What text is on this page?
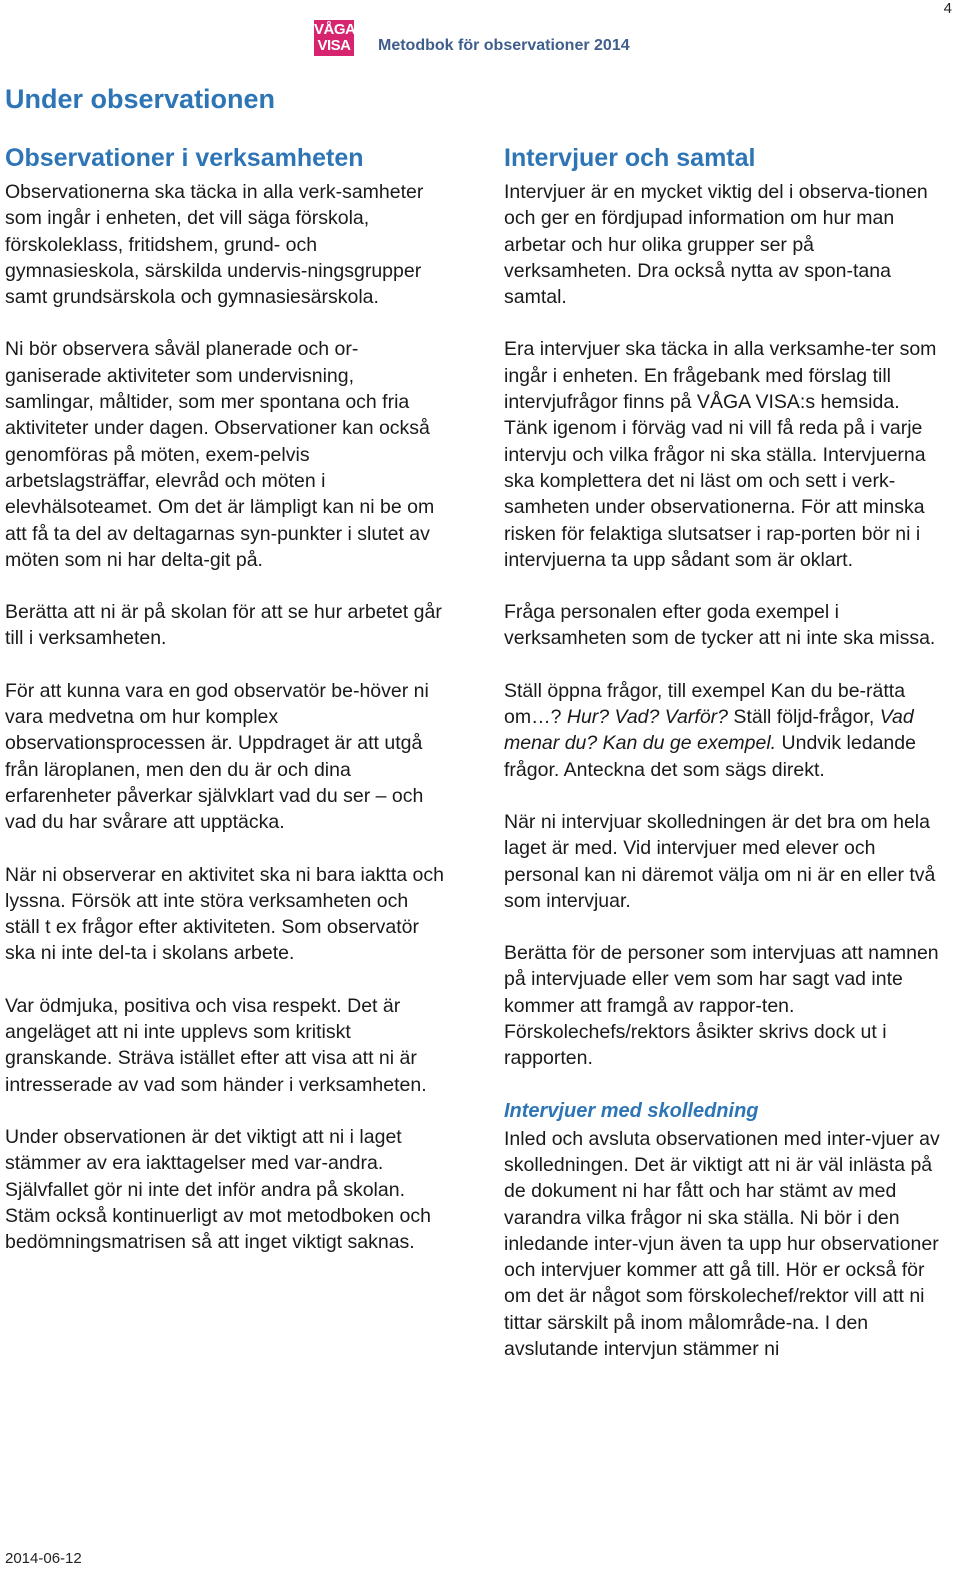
4
VÅGA
VISA Metodbok för observationer 2014
Under observationen
Observationer i verksamheten

Observationerna ska täcka in alla verk-samheter som ingår i enheten, det vill säga förskola, förskoleklass, fritidshem, grund- och gymnasieskola, särskilda undervis-ningsgrupper samt grundsärskola och gymnasiesärskola.

Ni bör observera såväl planerade och or-ganiserade aktiviteter som undervisning, samlingar, måltider, som mer spontana och fria aktiviteter under dagen. Observationer kan också genomföras på möten, exem-pelvis arbetslagsträffar, elevråd och möten i elevhälsoteamet. Om det är lämpligt kan ni be om att få ta del av deltagarnas syn-punkter i slutet av möten som ni har delta-git på.

Berätta att ni är på skolan för att se hur arbetet går till i verksamheten.

För att kunna vara en god observatör be-höver ni vara medvetna om hur komplex observationsprocessen är. Uppdraget är att utgå från läroplanen, men den du är och dina erfarenheter påverkar självklart vad du ser – och vad du har svårare att upptäcka.

När ni observerar en aktivitet ska ni bara iaktta och lyssna. Försök att inte störa verksamheten och ställ t ex frågor efter aktiviteten. Som observatör ska ni inte del-ta i skolans arbete.

Var ödmjuka, positiva och visa respekt. Det är angeläget att ni inte upplevs som kritiskt granskande. Sträva istället efter att visa att ni är intresserade av vad som händer i verksamheten.

Under observationen är det viktigt att ni i laget stämmer av era iakttagelser med var-andra. Självfallet gör ni inte det inför andra på skolan. Stäm också kontinuerligt av mot metodboken och bedömningsmatrisen så att inget viktigt saknas.

Intervjuer och samtal

Intervjuer är en mycket viktig del i observa-tionen och ger en fördjupad information om hur man arbetar och hur olika grupper ser på verksamheten. Dra också nytta av spon-tana samtal.

Era intervjuer ska täcka in alla verksamhe-ter som ingår i enheten. En frågebank med förslag till intervjufrågor finns på VÅGA VISA:s hemsida. Tänk igenom i förväg vad ni vill få reda på i varje intervju och vilka frågor ni ska ställa. Intervjuerna ska komplettera det ni läst om och sett i verk-samheten under observationerna. För att minska risken för felaktiga slutsatser i rap-porten bör ni i intervjuerna ta upp sådant som är oklart.

Fråga personalen efter goda exempel i verksamheten som de tycker att ni inte ska missa.

Ställ öppna frågor, till exempel Kan du be-rätta om…? Hur? Vad? Varför? Ställ följd-frågor, Vad menar du? Kan du ge exempel. Undvik ledande frågor. Anteckna det som sägs direkt.

När ni intervjuar skolledningen är det bra om hela laget är med. Vid intervjuer med elever och personal kan ni däremot välja om ni är en eller två som intervjuar.

Berätta för de personer som intervjuas att namnen på intervjuade eller vem som har sagt vad inte kommer att framgå av rappor-ten. Förskolechefs/rektors åsikter skrivs dock ut i rapporten.

Intervjuer med skolledning

Inled och avsluta observationen med inter-vjuer av skolledningen. Det är viktigt att ni är väl inlästa på de dokument ni har fått och har stämt av med varandra vilka frågor ni ska ställa. Ni bör i den inledande inter-vjun även ta upp hur observationer och intervjuer kommer att gå till. Hör er också för om det är något som förskolechef/rektor vill att ni tittar särskilt på inom målområde-na. I den avslutande intervjun stämmer ni

2014-06-12
